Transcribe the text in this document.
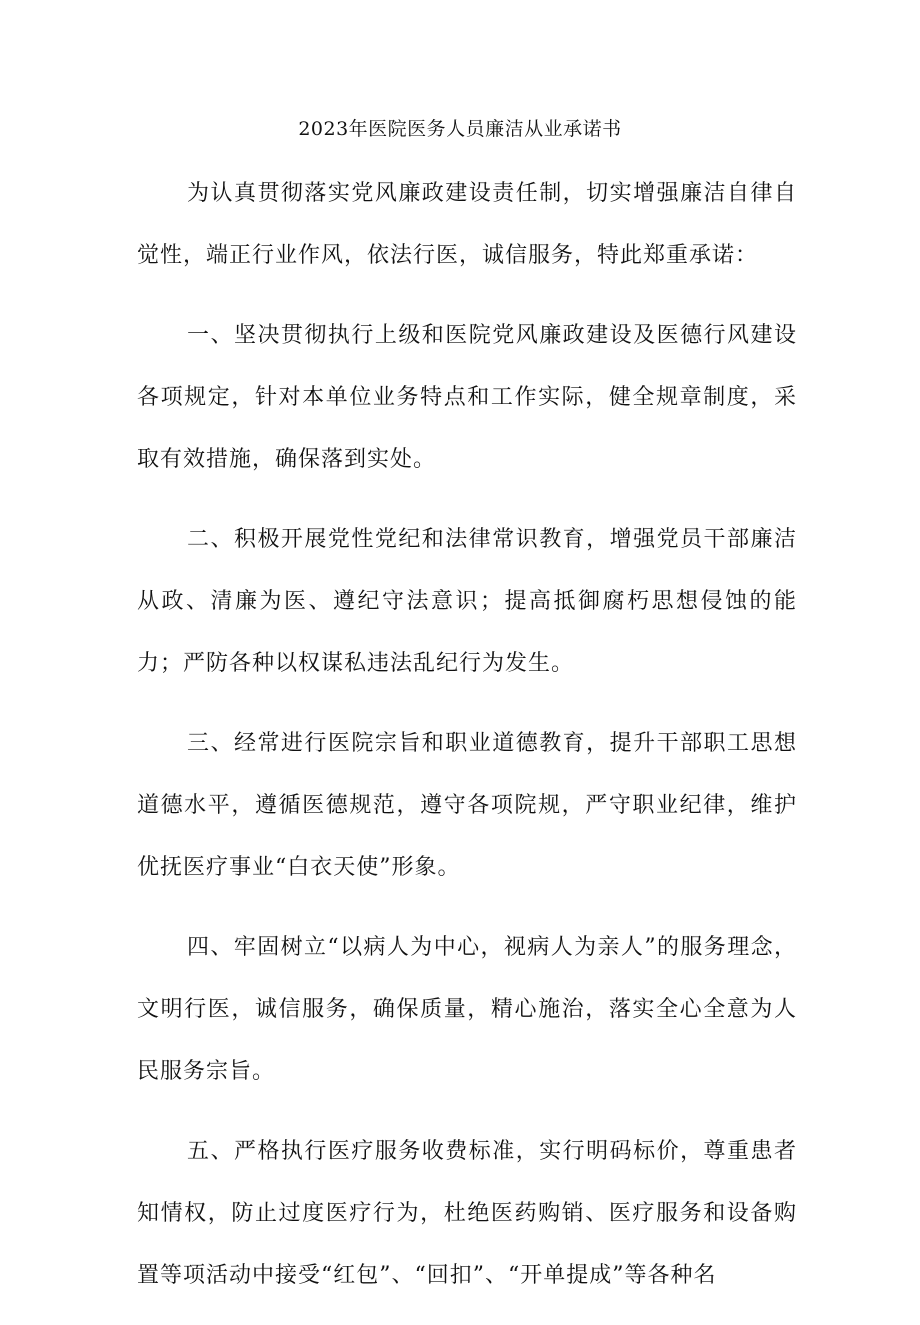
2023年医院医务人员廉洁从业承诺书

为认真贯彻落实党风廉政建设责任制，切实增强廉洁自律自觉性，端正行业作风，依法行医，诚信服务，特此郑重承诺：

一、坚决贯彻执行上级和医院党风廉政建设及医德行风建设各项规定，针对本单位业务特点和工作实际，健全规章制度，采取有效措施，确保落到实处。

二、积极开展党性党纪和法律常识教育，增强党员干部廉洁从政、清廉为医、遵纪守法意识；提高抵御腐朽思想侵蚀的能力；严防各种以权谋私违法乱纪行为发生。

三、经常进行医院宗旨和职业道德教育，提升干部职工思想道德水平，遵循医德规范，遵守各项院规，严守职业纪律，维护优抚医疗事业“白衣天使”形象。

四、牢固树立“以病人为中心，视病人为亲人”的服务理念，文明行医，诚信服务，确保质量，精心施治，落实全心全意为人民服务宗旨。

五、严格执行医疗服务收费标准，实行明码标价，尊重患者知情权，防止过度医疗行为，杜绝医药购销、医疗服务和设备购置等项活动中接受“红包”、“回扣”、“开单提成”等各种名
